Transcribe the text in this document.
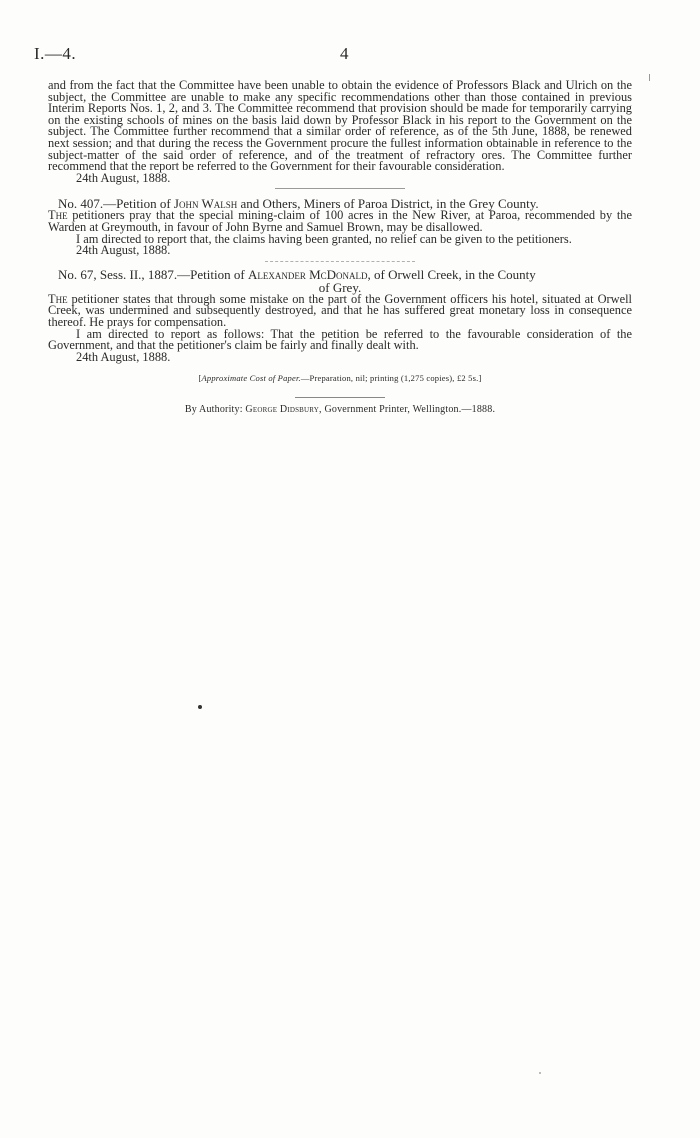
I.—4.	4

and from the fact that the Committee have been unable to obtain the evidence of Professors Black and Ulrich on the subject, the Committee are unable to make any specific recommendations other than those contained in previous Interim Reports Nos. 1, 2, and 3. The Committee recommend that provision should be made for temporarily carrying on the existing schools of mines on the basis laid down by Professor Black in his report to the Government on the subject. The Committee further recommend that a similar order of reference, as of the 5th June, 1888, be renewed next session; and that during the recess the Government procure the fullest information obtainable in reference to the subject-matter of the said order of reference, and of the treatment of refractory ores. The Committee further recommend that the report be referred to the Government for their favourable consideration.

24th August, 1888.

No. 407.—Petition of John Walsh and Others, Miners of Paroa District, in the Grey County.

The petitioners pray that the special mining-claim of 100 acres in the New River, at Paroa, recommended by the Warden at Greymouth, in favour of John Byrne and Samuel Brown, may be disallowed.

I am directed to report that, the claims having been granted, no relief can be given to the petitioners.

24th August, 1888.

No. 67, Sess. II., 1887.—Petition of Alexander McDonald, of Orwell Creek, in the County

of Grey.

The petitioner states that through some mistake on the part of the Government officers his hotel, situated at Orwell Creek, was undermined and subsequently destroyed, and that he has suffered great monetary loss in consequence thereof. He prays for compensation.

I am directed to report as follows: That the petition be referred to the favourable consideration of the Government, and that the petitioner's claim be fairly and finally dealt with.

24th August, 1888.

[Approximate Cost of Paper.—Preparation, nil; printing (1,275 copies), £2 5s.]

By Authority: George Didsbury, Government Printer, Wellington.—1888.
